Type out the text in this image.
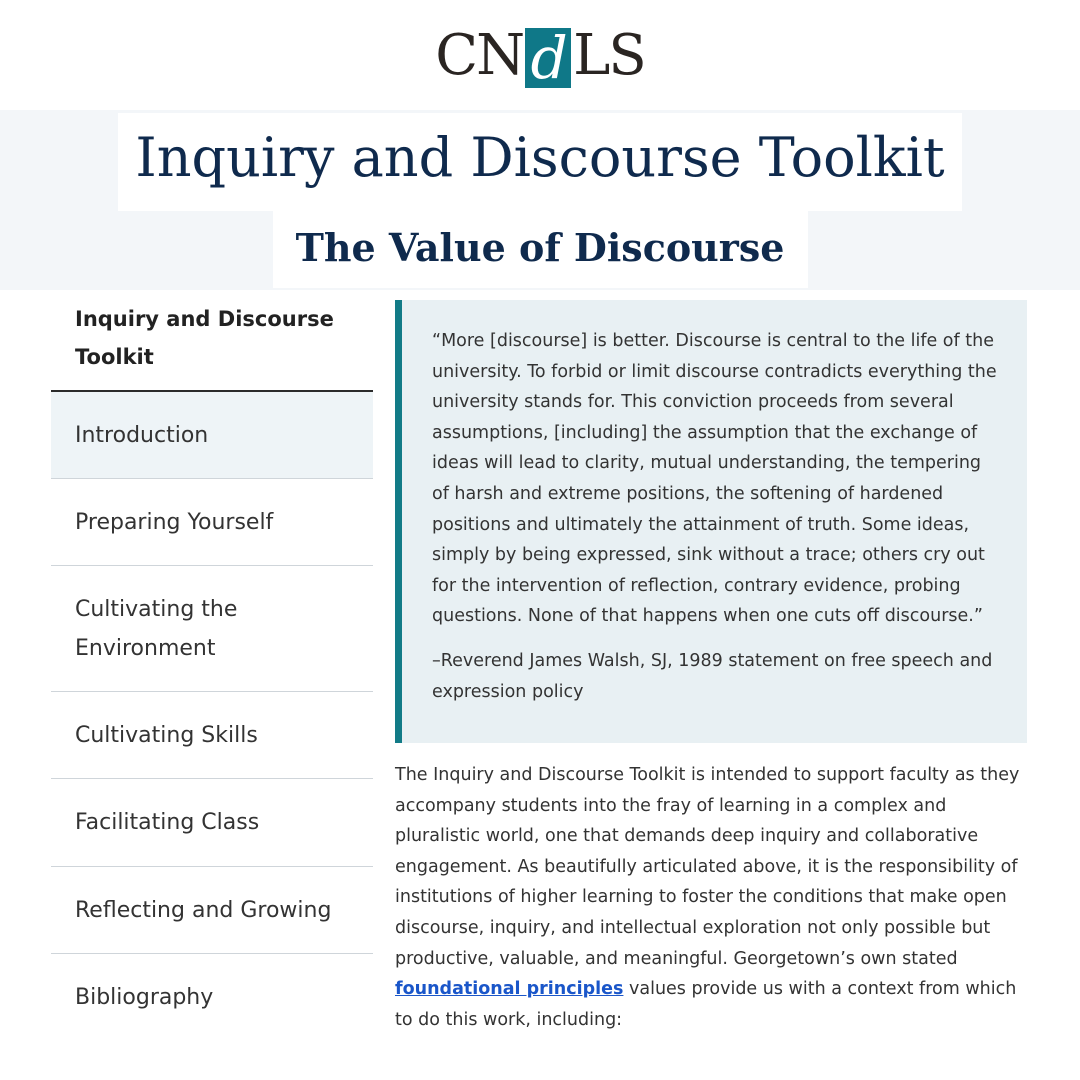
CN d LS
Inquiry and Discourse Toolkit
The Value of Discourse
Inquiry and Discourse Toolkit
Introduction
Preparing Yourself
Cultivating the Environment
Cultivating Skills
Facilitating Class
Reflecting and Growing
Bibliography

“More [discourse] is better. Discourse is central to the life of the university. To forbid or limit discourse contradicts everything the university stands for. This conviction proceeds from several assumptions, [including] the assumption that the exchange of ideas will lead to clarity, mutual understanding, the tempering of harsh and extreme positions, the softening of hardened positions and ultimately the attainment of truth. Some ideas, simply by being expressed, sink without a trace; others cry out for the intervention of reflection, contrary evidence, probing questions. None of that happens when one cuts off discourse.”

–Reverend James Walsh, SJ, 1989 statement on free speech and expression policy

The Inquiry and Discourse Toolkit is intended to support faculty as they accompany students into the fray of learning in a complex and pluralistic world, one that demands deep inquiry and collaborative engagement. As beautifully articulated above, it is the responsibility of institutions of higher learning to foster the conditions that make open discourse, inquiry, and intellectual exploration not only possible but productive, valuable, and meaningful. Georgetown’s own stated foundational principles values provide us with a context from which to do this work, including:
